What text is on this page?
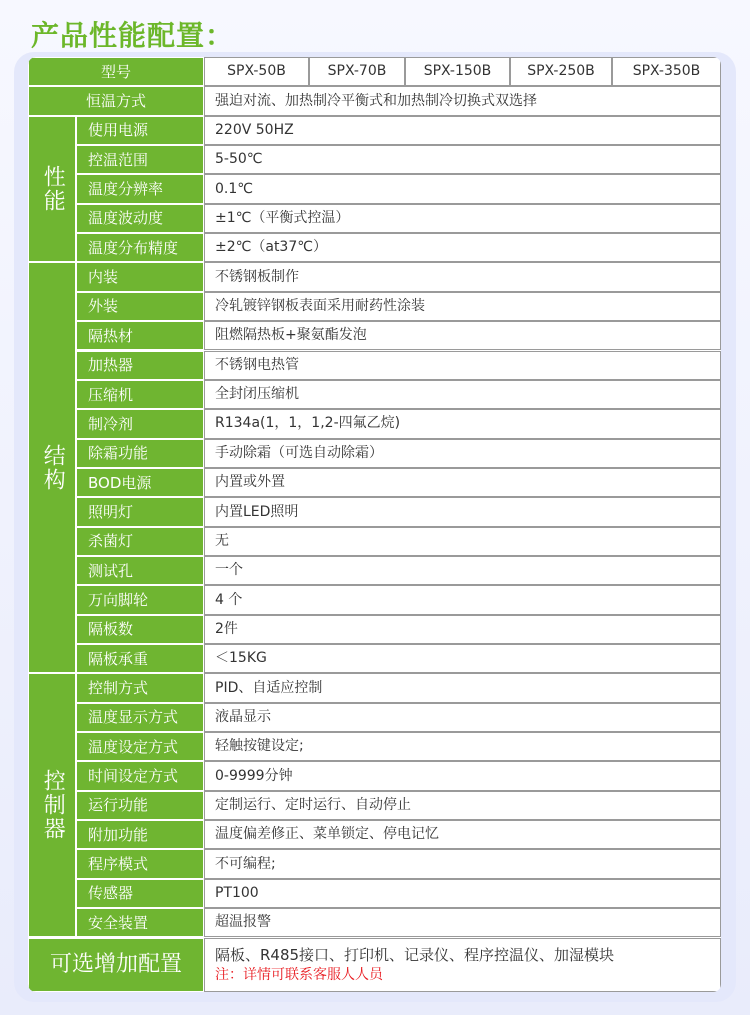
产品性能配置：
型号	SPX-50B	SPX-70B	SPX-150B	SPX-250B	SPX-350B
恒温方式	强迫对流、加热制冷平衡式和加热制冷切换式双选择
性能
使用电源	220V 50HZ
控温范围	5-50℃
温度分辨率	0.1℃
温度波动度	±1℃（平衡式控温）
温度分布精度	±2℃（at37℃）
结构
内装	不锈钢板制作
外装	冷轧镀锌钢板表面采用耐药性涂装
隔热材	阻燃隔热板+聚氨酯发泡
加热器	不锈钢电热管
压缩机	全封闭压缩机
制冷剂	R134a(1，1，1,2-四氟乙烷)
除霜功能	手动除霜（可选自动除霜）
BOD电源	内置或外置
照明灯	内置LED照明
杀菌灯	无
测试孔	一个
万向脚轮	4 个
隔板数	2件
隔板承重	＜15KG
控制器
控制方式	PID、自适应控制
温度显示方式	液晶显示
温度设定方式	轻触按键设定;
时间设定方式	0-9999分钟
运行功能	定制运行、定时运行、自动停止
附加功能	温度偏差修正、菜单锁定、停电记忆
程序模式	不可编程;
传感器	PT100
安全装置	超温报警
可选增加配置	隔板、R485接口、打印机、记录仪、程序控温仪、加湿模块
注：详情可联系客服人人员
